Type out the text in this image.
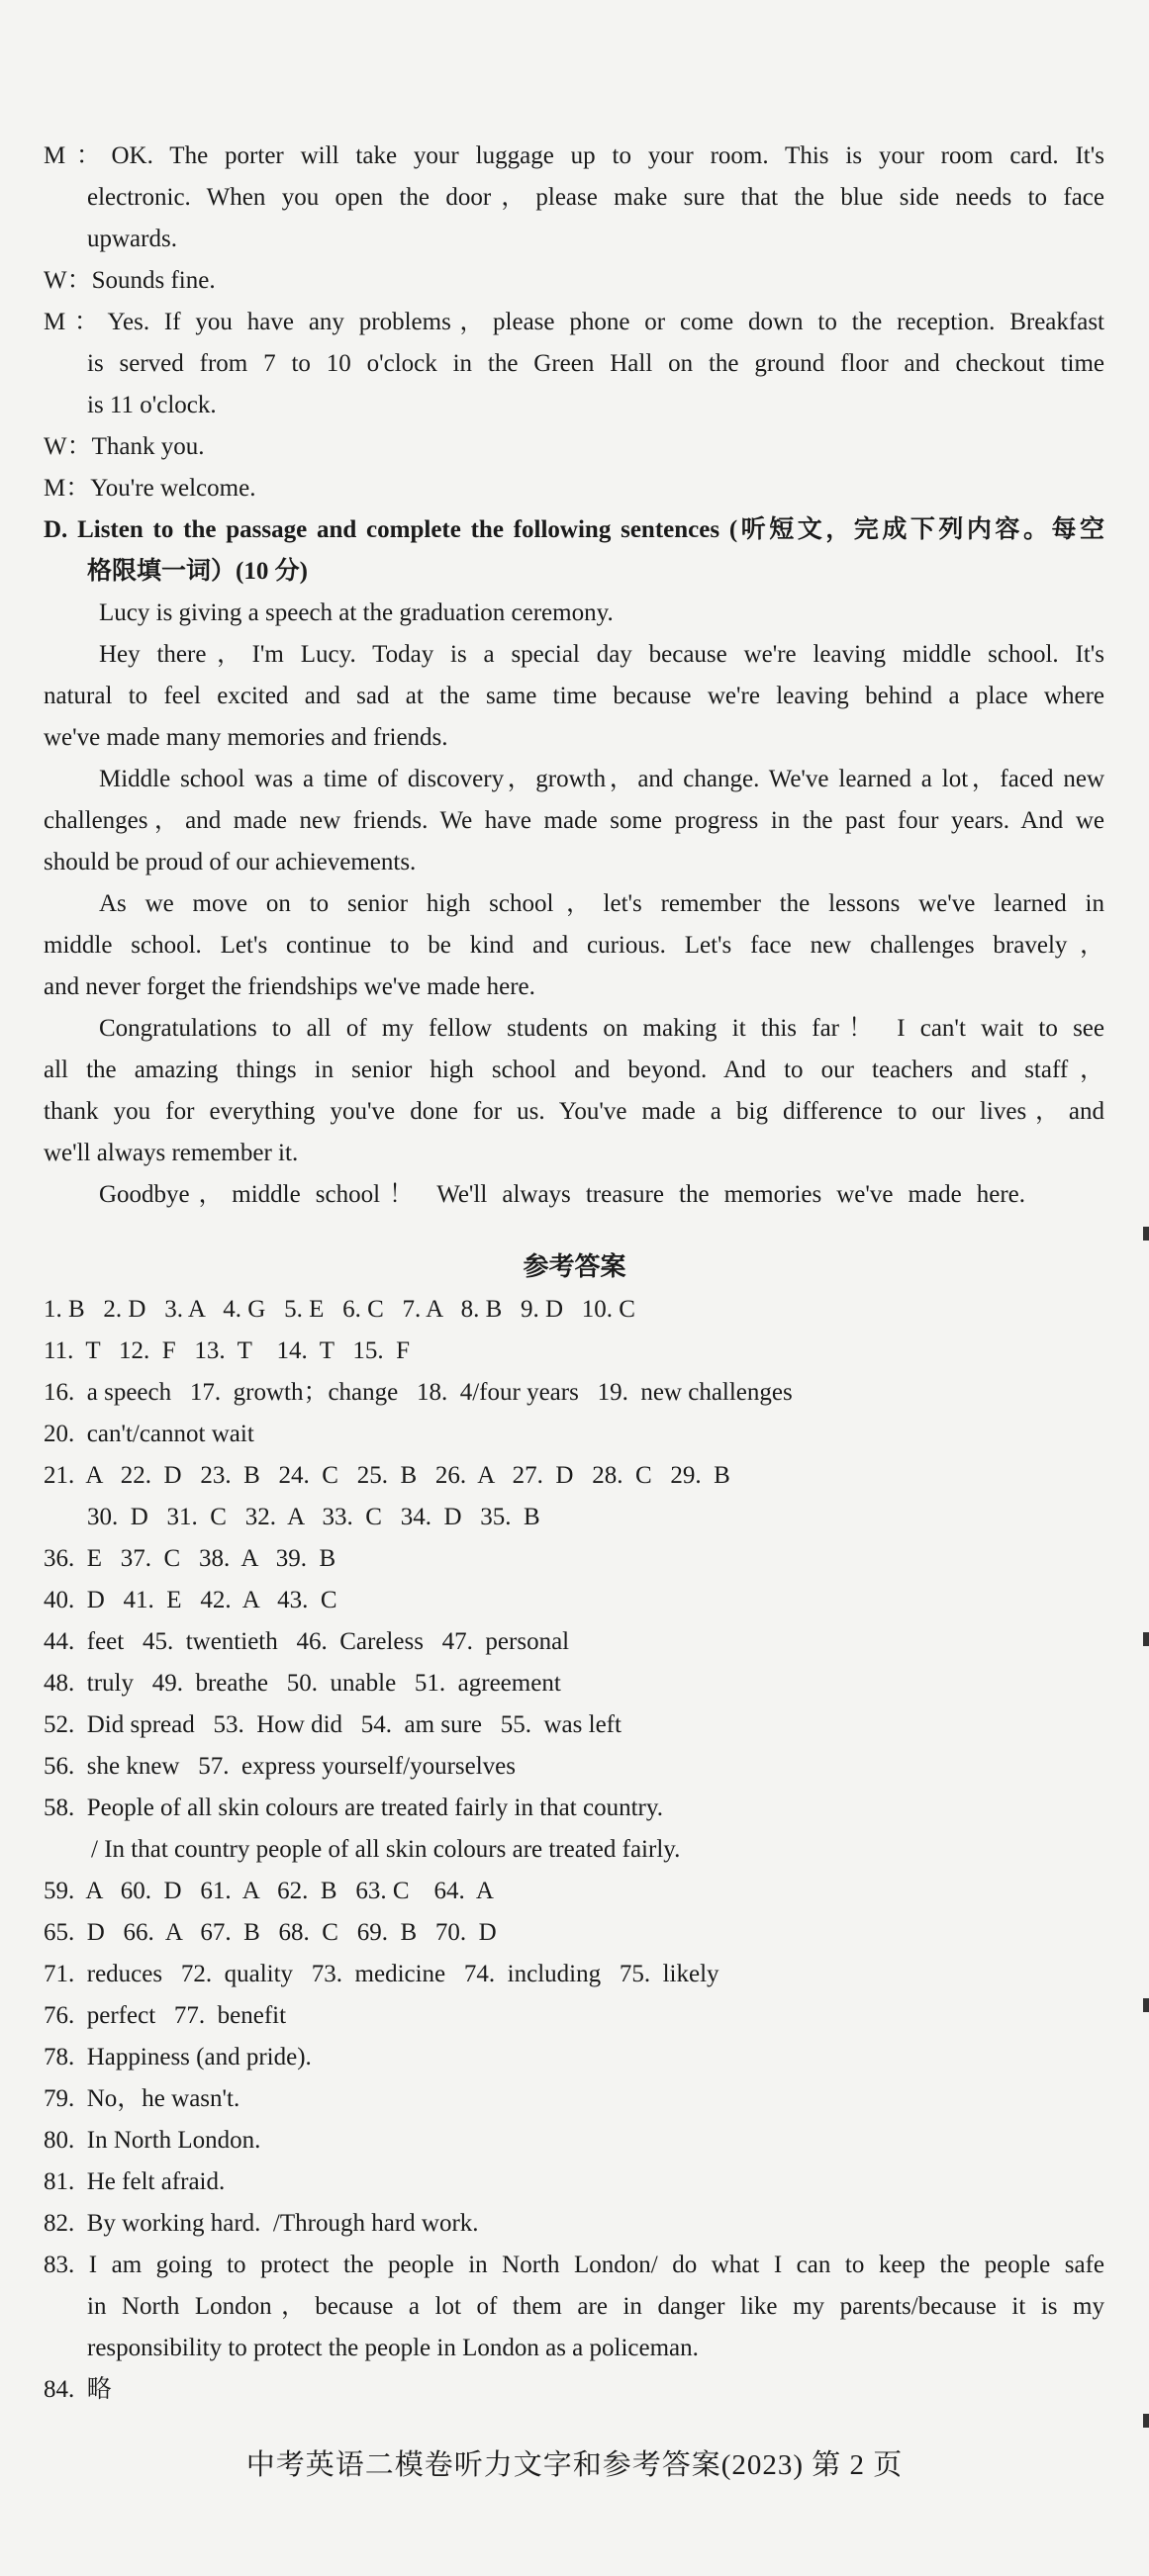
M：OK. The porter will take your luggage up to your room. This is your room card. It's
electronic. When you open the door，please make sure that the blue side needs to face
upwards.
W：Sounds fine.
M：Yes. If you have any problems，please phone or come down to the reception. Breakfast
is served from 7 to 10 o'clock in the Green Hall on the ground floor and checkout time
is 11 o'clock.
W：Thank you.
M：You're welcome.
D. Listen to the passage and complete the following sentences (听短文，完成下列内容。每空
格限填一词）(10 分)
Lucy is giving a speech at the graduation ceremony.
Hey there，I'm Lucy. Today is a special day because we're leaving middle school. It's
natural to feel excited and sad at the same time because we're leaving behind a place where
we've made many memories and friends.
Middle school was a time of discovery，growth，and change. We've learned a lot，faced new
challenges，and made new friends. We have made some progress in the past four years. And we
should be proud of our achievements.
As we move on to senior high school，let's remember the lessons we've learned in
middle school. Let's continue to be kind and curious. Let's face new challenges bravely，
and never forget the friendships we've made here.
Congratulations to all of my fellow students on making it this far！ I can't wait to see
all the amazing things in senior high school and beyond. And to our teachers and staff，
thank you for everything you've done for us. You've made a big difference to our lives，and
we'll always remember it.
Goodbye，middle school！ We'll always treasure the memories we've made here.
参考答案
1. B   2. D   3. A   4. G   5. E   6. C   7. A   8. B   9. D   10. C
11.  T   12.  F   13.  T    14.  T   15.  F
16.  a speech   17.  growth；change   18.  4/four years   19.  new challenges
20.  can't/cannot wait
21.  A   22.  D   23.  B   24.  C   25.  B   26.  A   27.  D   28.  C   29.  B
30.  D   31.  C   32.  A   33.  C   34.  D   35.  B
36.  E   37.  C   38.  A   39.  B
40.  D   41.  E   42.  A   43.  C
44.  feet   45.  twentieth   46.  Careless   47.  personal
48.  truly   49.  breathe   50.  unable   51.  agreement
52.  Did spread   53.  How did   54.  am sure   55.  was left
56.  she knew   57.  express yourself/yourselves
58.  People of all skin colours are treated fairly in that country.
/ In that country people of all skin colours are treated fairly.
59.  A   60.  D   61.  A   62.  B   63. C    64.  A
65.  D   66.  A   67.  B   68.  C   69.  B   70.  D
71.  reduces   72.  quality   73.  medicine   74.  including   75.  likely
76.  perfect   77.  benefit
78.  Happiness (and pride).
79.  No，he wasn't.
80.  In North London.
81.  He felt afraid.
82.  By working hard.  /Through hard work.
83. I am going to protect the people in North London/ do what I can to keep the people safe
in North London，because a lot of them are in danger like my parents/because it is my
responsibility to protect the people in London as a policeman.
84.  略
中考英语二模卷听力文字和参考答案(2023) 第 2 页
